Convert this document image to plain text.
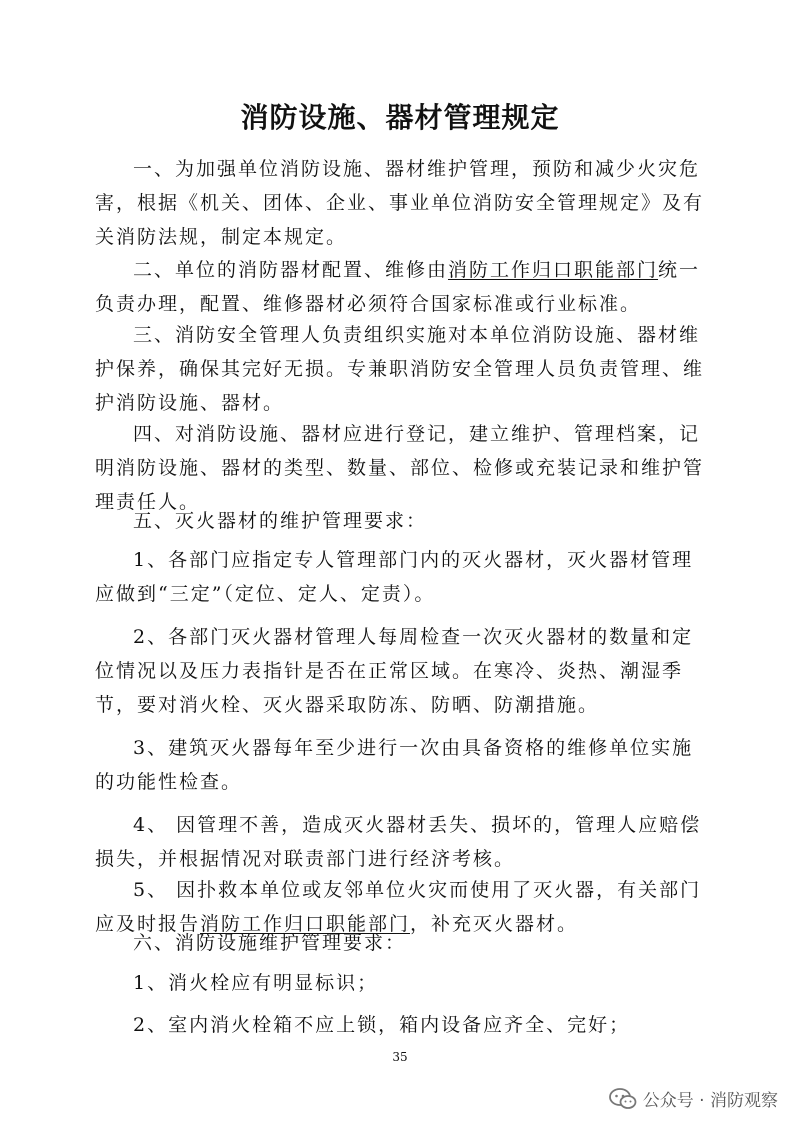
消防设施、器材管理规定

一、为加强单位消防设施、器材维护管理，预防和减少火灾危害，根据《机关、团体、企业、事业单位消防安全管理规定》及有关消防法规，制定本规定。

二、单位的消防器材配置、维修由消防工作归口职能部门统一负责办理，配置、维修器材必须符合国家标准或行业标准。

三、消防安全管理人负责组织实施对本单位消防设施、器材维护保养，确保其完好无损。专兼职消防安全管理人员负责管理、维护消防设施、器材。

四、对消防设施、器材应进行登记，建立维护、管理档案，记明消防设施、器材的类型、数量、部位、检修或充装记录和维护管理责任人。

五、灭火器材的维护管理要求：

1、各部门应指定专人管理部门内的灭火器材，灭火器材管理应做到“三定”（定位、定人、定责）。

2、各部门灭火器材管理人每周检查一次灭火器材的数量和定位情况以及压力表指针是否在正常区域。在寒冷、炎热、潮湿季节，要对消火栓、灭火器采取防冻、防晒、防潮措施。

3、建筑灭火器每年至少进行一次由具备资格的维修单位实施的功能性检查。

4、 因管理不善，造成灭火器材丢失、损坏的，管理人应赔偿损失，并根据情况对联责部门进行经济考核。

5、 因扑救本单位或友邻单位火灾而使用了灭火器，有关部门应及时报告消防工作归口职能部门，补充灭火器材。

六、消防设施维护管理要求：

1、消火栓应有明显标识；

2、室内消火栓箱不应上锁，箱内设备应齐全、完好；

35
公众号 · 消防观察
